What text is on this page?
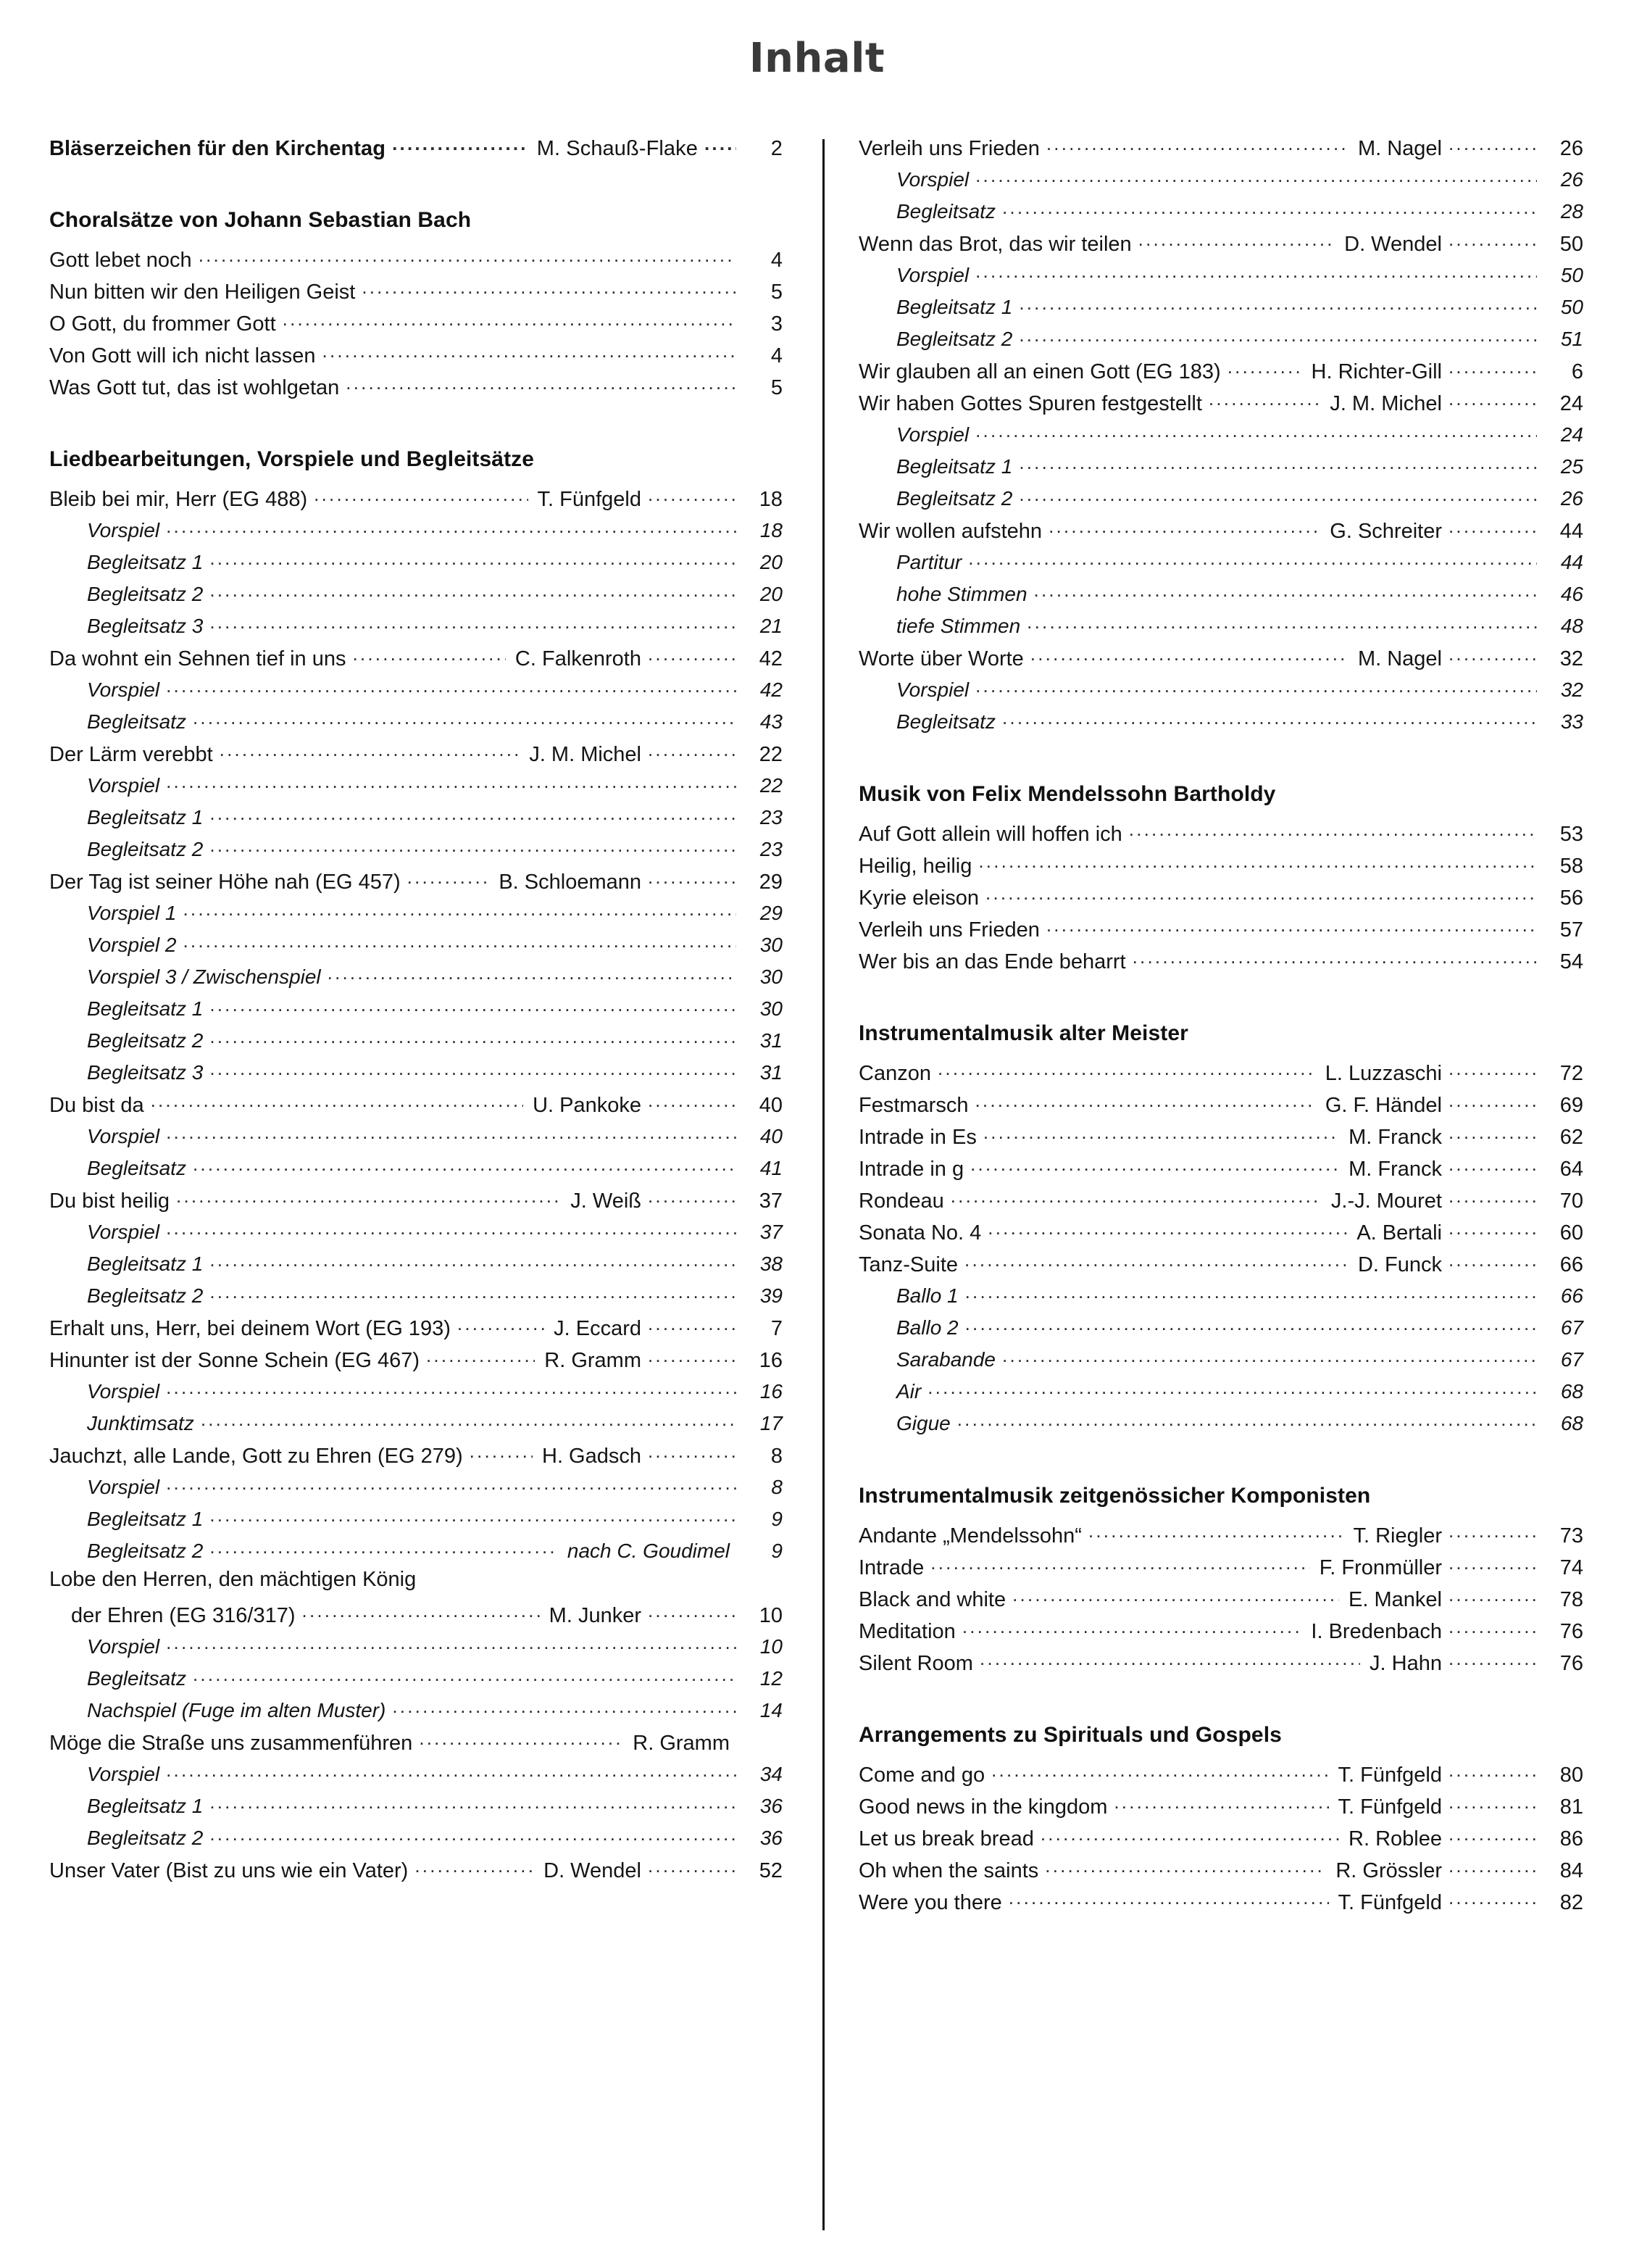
Inhalt
Bläserzeichen für den Kirchentag .....	M. Schauß-Flake .....	2
Choralsätze von Johann Sebastian Bach
Gott lebet noch .....	4
Nun bitten wir den Heiligen Geist .....	5
O Gott, du frommer Gott .....	3
Von Gott will ich nicht lassen .....	4
Was Gott tut, das ist wohlgetan .....	5
Liedbearbeitungen, Vorspiele und Begleitsätze
Bleib bei mir, Herr (EG 488) .....	T. Fünfgeld .....	18
Vorspiel .....	18
Begleitsatz 1 .....	20
Begleitsatz 2 .....	20
Begleitsatz 3 .....	21
Da wohnt ein Sehnen tief in uns .....	C. Falkenroth .....	42
Vorspiel .....	42
Begleitsatz .....	43
Der Lärm verebbt .....	J. M. Michel .....	22
Vorspiel .....	22
Begleitsatz 1 .....	23
Begleitsatz 2 .....	23
Der Tag ist seiner Höhe nah (EG 457) .....	B. Schloemann .....	29
Vorspiel 1 .....	29
Vorspiel 2 .....	30
Vorspiel 3 / Zwischenspiel .....	30
Begleitsatz 1 .....	30
Begleitsatz 2 .....	31
Begleitsatz 3 .....	31
Du bist da .....	U. Pankoke .....	40
Vorspiel .....	40
Begleitsatz .....	41
Du bist heilig .....	J. Weiß .....	37
Vorspiel .....	37
Begleitsatz 1 .....	38
Begleitsatz 2 .....	39
Erhalt uns, Herr, bei deinem Wort (EG 193) .....	J. Eccard .....	7
Hinunter ist der Sonne Schein (EG 467) .....	R. Gramm .....	16
Vorspiel .....	16
Junktimsatz .....	17
Jauchzt, alle Lande, Gott zu Ehren (EG 279) .....	H. Gadsch .....	8
Vorspiel .....	8
Begleitsatz 1 .....	9
Begleitsatz 2 .....	nach C. Goudimel	9
Lobe den Herren, den mächtigen König
der Ehren (EG 316/317) .....	M. Junker .....	10
Vorspiel .....	10
Begleitsatz .....	12
Nachspiel (Fuge im alten Muster) .....	14
Möge die Straße uns zusammenführen .....	R. Gramm
Vorspiel .....	34
Begleitsatz 1 .....	36
Begleitsatz 2 .....	36
Unser Vater (Bist zu uns wie ein Vater) .....	D. Wendel .....	52
Verleih uns Frieden .....	M. Nagel .....	26
Vorspiel .....	26
Begleitsatz .....	28
Wenn das Brot, das wir teilen .....	D. Wendel .....	50
Vorspiel .....	50
Begleitsatz 1 .....	50
Begleitsatz 2 .....	51
Wir glauben all an einen Gott (EG 183) .....	H. Richter-Gill .....	6
Wir haben Gottes Spuren festgestellt .....	J. M. Michel .....	24
Vorspiel .....	24
Begleitsatz 1 .....	25
Begleitsatz 2 .....	26
Wir wollen aufstehn .....	G. Schreiter .....	44
Partitur .....	44
hohe Stimmen .....	46
tiefe Stimmen .....	48
Worte über Worte .....	M. Nagel .....	32
Vorspiel .....	32
Begleitsatz .....	33
Musik von Felix Mendelssohn Bartholdy
Auf Gott allein will hoffen ich .....	53
Heilig, heilig .....	58
Kyrie eleison .....	56
Verleih uns Frieden .....	57
Wer bis an das Ende beharrt .....	54
Instrumentalmusik alter Meister
Canzon .....	L. Luzzaschi .....	72
Festmarsch .....	G. F. Händel .....	69
Intrade in Es .....	M. Franck .....	62
Intrade in g .....	M. Franck .....	64
Rondeau .....	J.-J. Mouret .....	70
Sonata No. 4 .....	A. Bertali .....	60
Tanz-Suite .....	D. Funck .....	66
Ballo 1 .....	66
Ballo 2 .....	67
Sarabande .....	67
Air .....	68
Gigue .....	68
Instrumentalmusik zeitgenössicher Komponisten
Andante „Mendelssohn“ .....	T. Riegler .....	73
Intrade .....	F. Fronmüller .....	74
Black and white .....	E. Mankel .....	78
Meditation .....	I. Bredenbach .....	76
Silent Room .....	J. Hahn .....	76
Arrangements zu Spirituals und Gospels
Come and go .....	T. Fünfgeld .....	80
Good news in the kingdom .....	T. Fünfgeld .....	81
Let us break bread .....	R. Roblee .....	86
Oh when the saints .....	R. Grössler .....	84
Were you there .....	T. Fünfgeld .....	82
